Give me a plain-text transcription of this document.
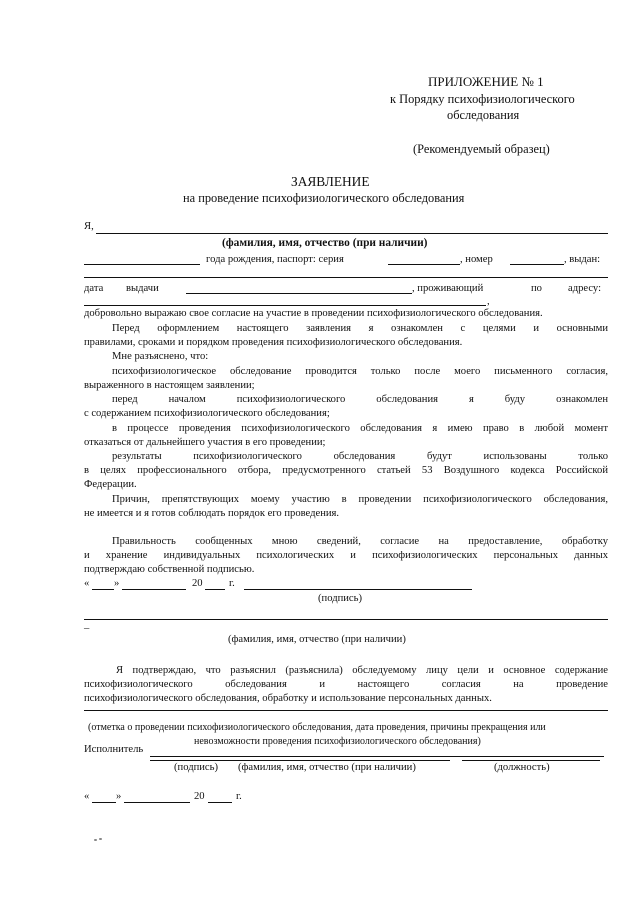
ПРИЛОЖЕНИЕ № 1
к Порядку психофизиологического
обследования
(Рекомендуемый образец)
ЗАЯВЛЕНИЕ
на проведение психофизиологического обследования
Я,
(фамилия, имя, отчество (при наличии)
года рождения, паспорт: серия	, номер	, выдан:
дата выдачи	, проживающий	по адресу:
,
добровольно выражаю свое согласие на участие в проведении психофизиологического обследования.
Перед оформлением настоящего заявления я ознакомлен с целями и основными
правилами, сроками и порядком проведения психофизиологического обследования.
Мне разъяснено, что:
психофизиологическое обследование проводится только после моего письменного согласия,
выраженного в настоящем заявлении;
перед началом психофизиологического обследования я буду ознакомлен
с содержанием психофизиологического обследования;
в процессе проведения психофизиологического обследования я имею право в любой момент
отказаться от дальнейшего участия в его проведении;
результаты психофизиологического обследования будут использованы только
в целях профессионального отбора, предусмотренного статьей 53 Воздушного кодекса Российской
Федерации.
Причин, препятствующих моему участию в проведении психофизиологического обследования,
не имеется и я готов соблюдать порядок его проведения.
Правильность сообщенных мною сведений, согласие на предоставление, обработку
и хранение индивидуальных психологических и психофизиологических персональных данных
подтверждаю собственной подписью.
« »	20 г.
(подпись)
–
(фамилия, имя, отчество (при наличии)
Я подтверждаю, что разъяснил (разъяснила) обследуемому лицу цели и основное содержание
психофизиологического обследования и настоящего согласия на проведение
психофизиологического обследования, обработку и использование персональных данных.
(отметка о проведении психофизиологического обследования, дата проведения, причины прекращения или
невозможности проведения психофизиологического обследования)
Исполнитель
(подпись) (фамилия, имя, отчество (при наличии)	(должность)
«	»	20	г.
